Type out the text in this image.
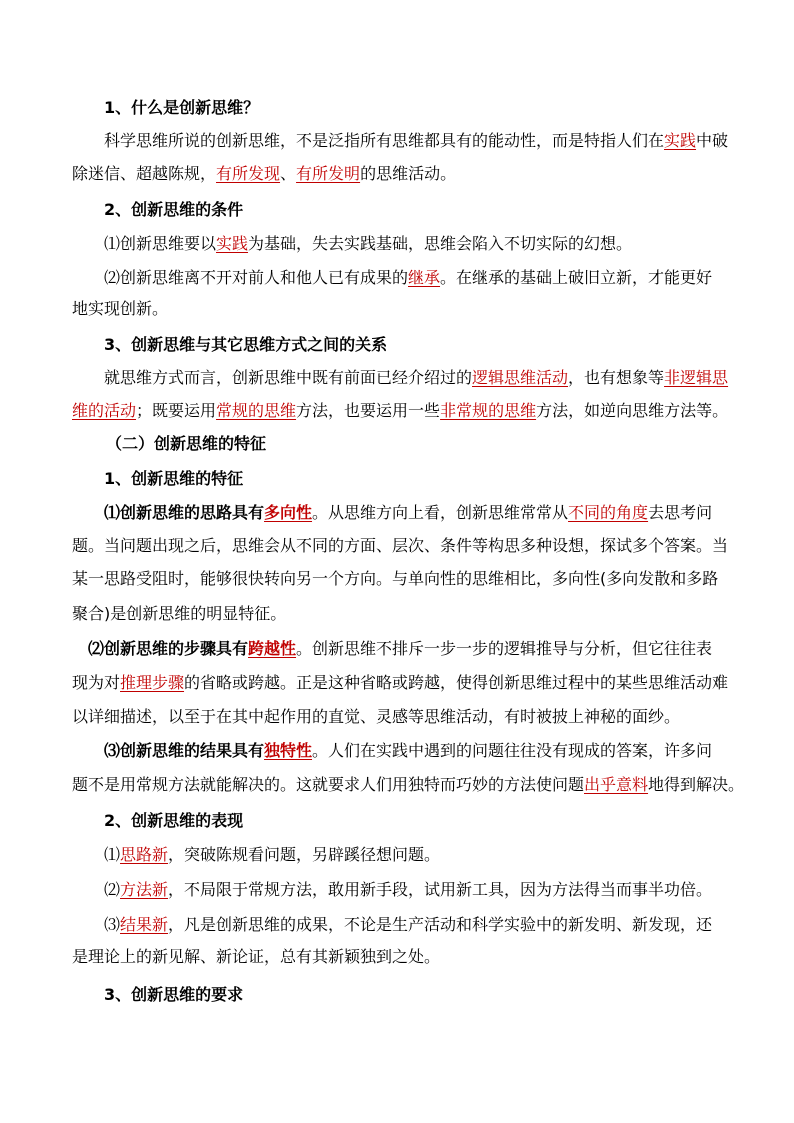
1、什么是创新思维？
科学思维所说的创新思维，不是泛指所有思维都具有的能动性，而是特指人们在实践中破
除迷信、超越陈规，有所发现、有所发明的思维活动。
2、创新思维的条件
⑴创新思维要以实践为基础，失去实践基础，思维会陷入不切实际的幻想。
⑵创新思维离不开对前人和他人已有成果的继承。在继承的基础上破旧立新，才能更好
地实现创新。
3、创新思维与其它思维方式之间的关系
就思维方式而言，创新思维中既有前面已经介绍过的逻辑思维活动，也有想象等非逻辑思
维的活动；既要运用常规的思维方法，也要运用一些非常规的思维方法，如逆向思维方法等。
（二）创新思维的特征
1、创新思维的特征
⑴创新思维的思路具有多向性。从思维方向上看，创新思维常常从不同的角度去思考问
题。当问题出现之后，思维会从不同的方面、层次、条件等构思多种设想，探试多个答案。当
某一思路受阻时，能够很快转向另一个方向。与单向性的思维相比，多向性(多向发散和多路
聚合)是创新思维的明显特征。
⑵创新思维的步骤具有跨越性。创新思维不排斥一步一步的逻辑推导与分析，但它往往表
现为对推理步骤的省略或跨越。正是这种省略或跨越，使得创新思维过程中的某些思维活动难
以详细描述，以至于在其中起作用的直觉、灵感等思维活动，有时被披上神秘的面纱。
⑶创新思维的结果具有独特性。人们在实践中遇到的问题往往没有现成的答案，许多问
题不是用常规方法就能解决的。这就要求人们用独特而巧妙的方法使问题出乎意料地得到解决。
2、创新思维的表现
⑴思路新，突破陈规看问题，另辟蹊径想问题。
⑵方法新，不局限于常规方法，敢用新手段，试用新工具，因为方法得当而事半功倍。
⑶结果新，凡是创新思维的成果，不论是生产活动和科学实验中的新发明、新发现，还
是理论上的新见解、新论证，总有其新颖独到之处。
3、创新思维的要求
